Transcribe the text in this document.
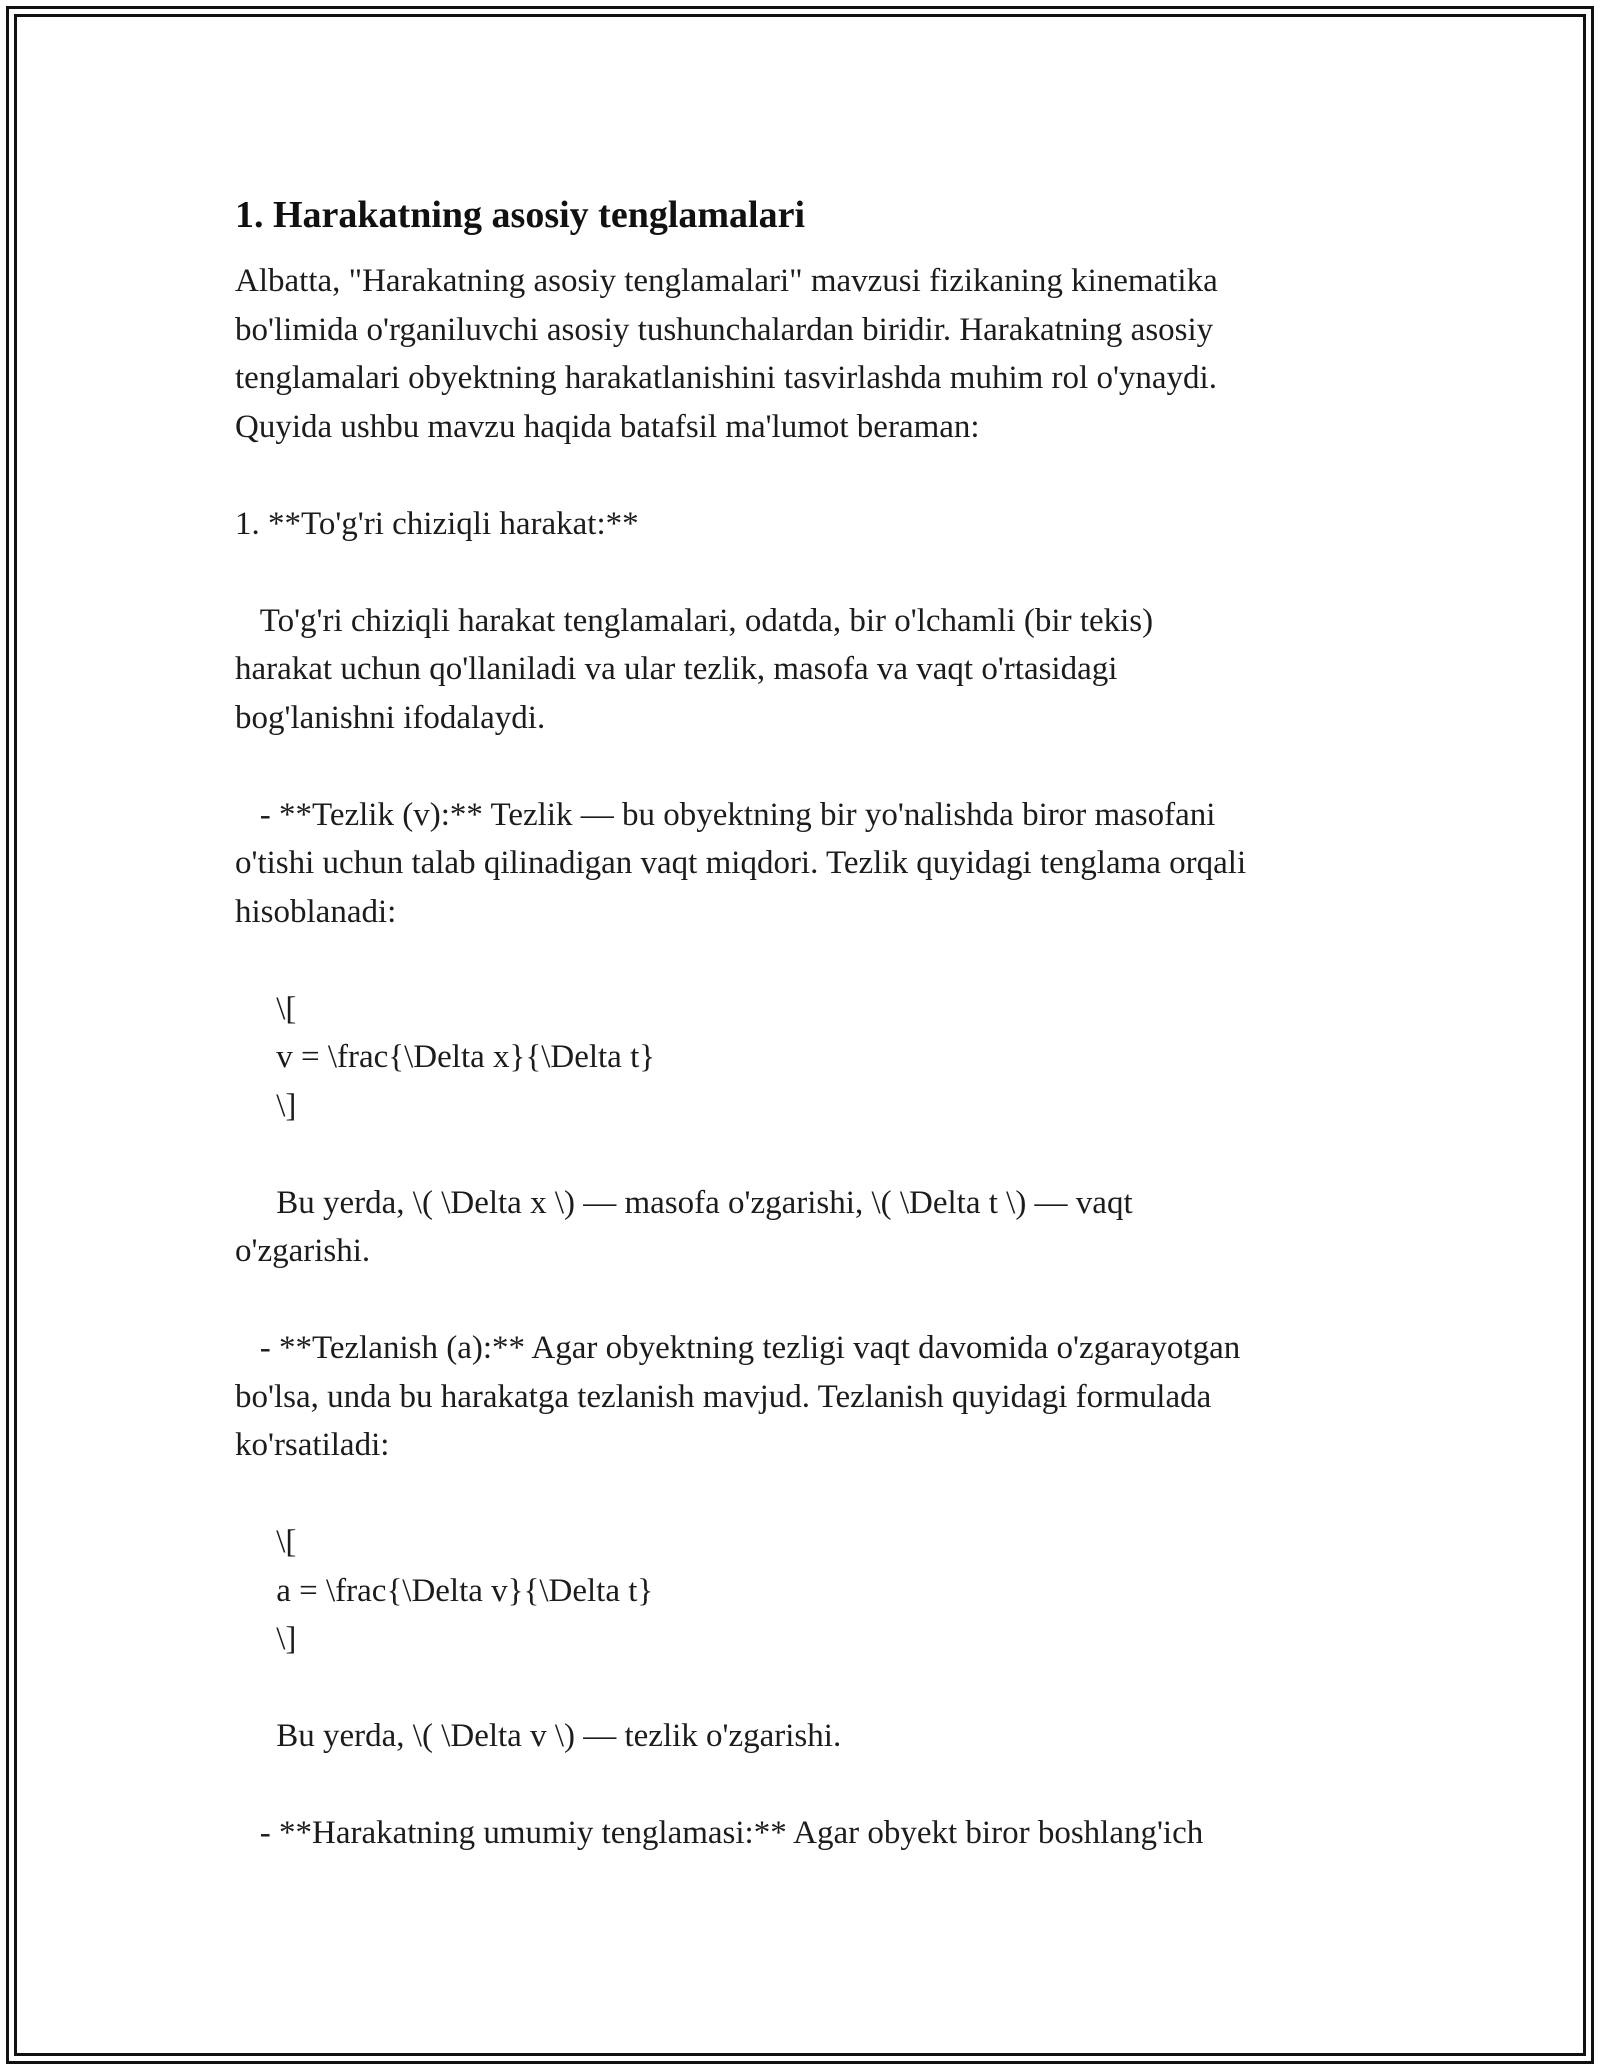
1. Harakatning asosiy tenglamalari

Albatta, "Harakatning asosiy tenglamalari" mavzusi fizikaning kinematika
bo'limida o'rganiluvchi asosiy tushunchalardan biridir. Harakatning asosiy
tenglamalari obyektning harakatlanishini tasvirlashda muhim rol o'ynaydi.
Quyida ushbu mavzu haqida batafsil ma'lumot beraman:

1. **To'g'ri chiziqli harakat:**

To'g'ri chiziqli harakat tenglamalari, odatda, bir o'lchamli (bir tekis)
harakat uchun qo'llaniladi va ular tezlik, masofa va vaqt o'rtasidagi
bog'lanishni ifodalaydi.

- **Tezlik (v):** Tezlik — bu obyektning bir yo'nalishda biror masofani
o'tishi uchun talab qilinadigan vaqt miqdori. Tezlik quyidagi tenglama orqali
hisoblanadi:

\[
v = \frac{\Delta x}{\Delta t}
\]

Bu yerda, \( \Delta x \) — masofa o'zgarishi, \( \Delta t \) — vaqt
o'zgarishi.

- **Tezlanish (a):** Agar obyektning tezligi vaqt davomida o'zgarayotgan
bo'lsa, unda bu harakatga tezlanish mavjud. Tezlanish quyidagi formulada
ko'rsatiladi:

\[
a = \frac{\Delta v}{\Delta t}
\]

Bu yerda, \( \Delta v \) — tezlik o'zgarishi.

- **Harakatning umumiy tenglamasi:** Agar obyekt biror boshlang'ich
